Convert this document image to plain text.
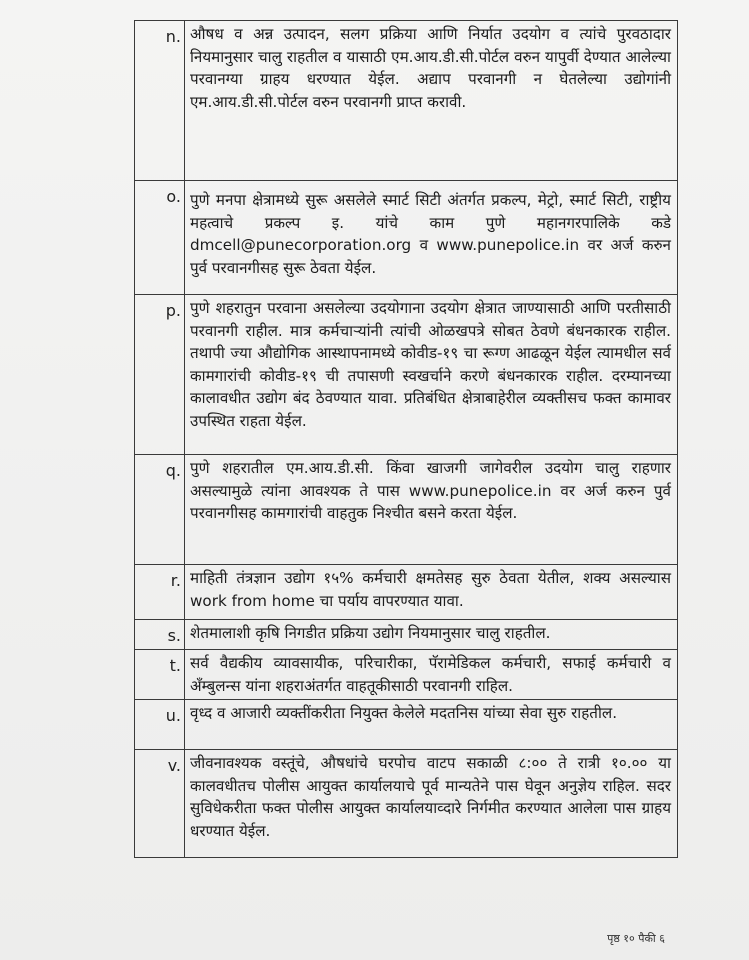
n.	औषध व अन्न उत्पादन, सलग प्रक्रिया आणि निर्यात उदयोग व त्यांचे पुरवठादार नियमानुसार चालु राहतील व यासाठी एम.आय.डी.सी.पोर्टल वरुन यापुर्वी देण्यात आलेल्या परवानग्या ग्राहय धरण्यात येईल. अद्याप परवानगी न घेतलेल्या उद्योगांनी एम.आय.डी.सी.पोर्टल वरुन परवानगी प्राप्त करावी.
o.	पुणे मनपा क्षेत्रामध्ये सुरू असलेले स्मार्ट सिटी अंतर्गत प्रकल्प, मेट्रो, स्मार्ट सिटी, राष्ट्रीय महत्वाचे प्रकल्प इ. यांचे काम पुणे महानगरपालिके कडे dmcell@punecorporation.org व www.punepolice.in वर अर्ज करुन पुर्व परवानगीसह सुरू ठेवता येईल.

p.	पुणे शहरातुन परवाना असलेल्या उदयोगाना उदयोग क्षेत्रात जाण्यासाठी आणि परतीसाठी परवानगी राहील. मात्र कर्मचाऱ्यांनी त्यांची ओळखपत्रे सोबत ठेवणे बंधनकारक राहील. तथापी ज्या औद्योगिक आस्थापनामध्ये कोवीड-१९ चा रूग्ण आढळून येईल त्यामधील सर्व कामगारांची कोवीड-१९ ची तपासणी स्वखर्चाने करणे बंधनकारक राहील. दरम्यानच्या कालावधीत उद्योग बंद ठेवण्यात यावा. प्रतिबंधित क्षेत्राबाहेरील व्यक्तीसच फक्त कामावर उपस्थित राहता येईल.
q.	पुणे शहरातील एम.आय.डी.सी. किंवा खाजगी जागेवरील उदयोग चालु राहणार असल्यामुळे त्यांना आवश्यक ते पास www.punepolice.in वर अर्ज करुन पुर्व परवानगीसह कामगारांची वाहतुक निश्चीत बसने करता येईल.
r.	माहिती तंत्रज्ञान उद्योग १५% कर्मचारी क्षमतेसह सुरु ठेवता येतील, शक्य असल्यास work from home चा पर्याय वापरण्यात यावा.
s.	शेतमालाशी कृषि निगडीत प्रक्रिया उद्योग नियमानुसार चालु राहतील.
t.	सर्व वैद्यकीय व्यावसायीक, परिचारीका, पॅरामेडिकल कर्मचारी, सफाई कर्मचारी व अँम्बुलन्स यांना शहराअंतर्गत वाहतूकीसाठी परवानगी राहिल.
u.	वृध्द व आजारी व्यक्तींकरीता नियुक्त केलेले मदतनिस यांच्या सेवा सुरु राहतील.
v.	जीवनावश्यक वस्तूंचे, औषधांचे घरपोच वाटप सकाळी ८:०० ते रात्री १०.०० या कालवधीतच पोलीस आयुक्त कार्यालयाचे पूर्व मान्यतेने पास घेवून अनुज्ञेय राहिल. सदर सुविधेकरीता फक्त पोलीस आयुक्त कार्यालयाव्दारे निर्गमीत करण्यात आलेला पास ग्राहय धरण्यात येईल.
पृष्ठ १० पैकी ६
